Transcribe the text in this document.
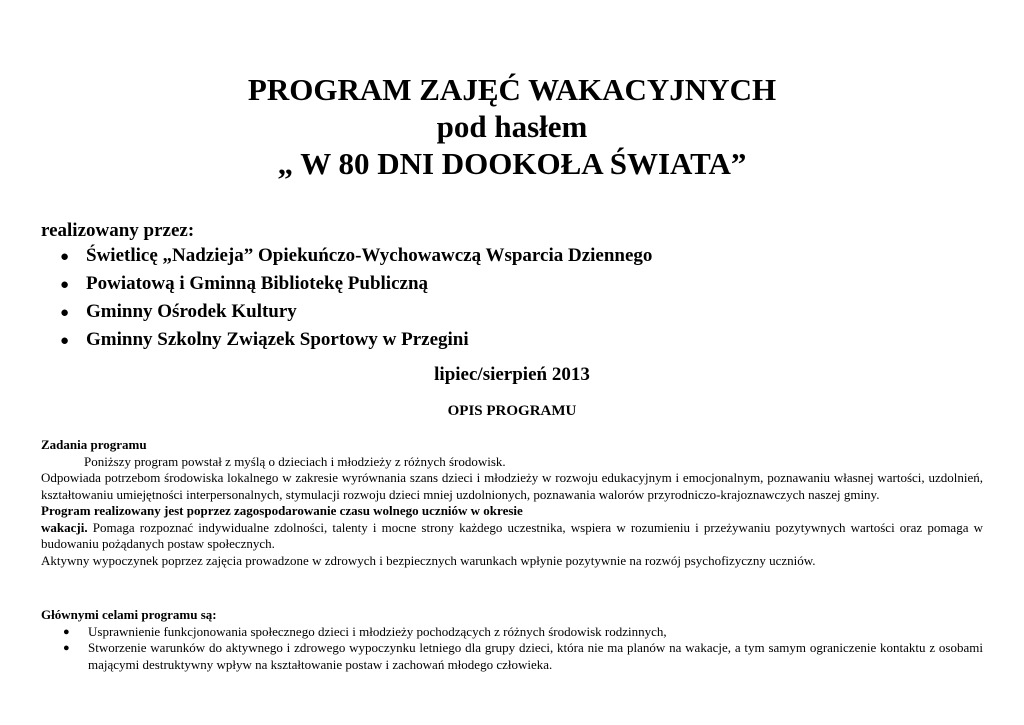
PROGRAM ZAJĘĆ WAKACYJNYCH
pod hasłem
„ W 80 DNI DOOKOŁA ŚWIATA”
realizowany przez:
● Świetlicę „Nadzieja” Opiekuńczo-Wychowawczą Wsparcia Dziennego
● Powiatową i Gminną Bibliotekę Publiczną
● Gminny Ośrodek Kultury
● Gminny Szkolny Związek Sportowy w Przegini
lipiec/sierpień 2013
OPIS PROGRAMU
Zadania programu
Poniższy program powstał z myślą o dzieciach i młodzieży z różnych środowisk.
Odpowiada potrzebom środowiska lokalnego w zakresie wyrównania szans dzieci i młodzieży w rozwoju edukacyjnym i emocjonalnym, poznawaniu własnej wartości, uzdolnień, kształtowaniu umiejętności interpersonalnych, stymulacji rozwoju dzieci mniej uzdolnionych, poznawania walorów przyrodniczo-krajoznawczych naszej gminy.
Program realizowany jest poprzez zagospodarowanie czasu wolnego uczniów w okresie
wakacji. Pomaga rozpoznać indywidualne zdolności, talenty i mocne strony każdego uczestnika, wspiera w rozumieniu i przeżywaniu pozytywnych wartości oraz pomaga w budowaniu pożądanych postaw społecznych.
Aktywny wypoczynek poprzez zajęcia prowadzone w zdrowych i bezpiecznych warunkach wpłynie pozytywnie na rozwój psychofizyczny uczniów.
Głównymi celami programu są:
● Usprawnienie funkcjonowania społecznego dzieci i młodzieży pochodzących z różnych środowisk rodzinnych,
● Stworzenie warunków do aktywnego i zdrowego wypoczynku letniego dla grupy dzieci, która nie ma planów na wakacje, a tym samym ograniczenie kontaktu z osobami mającymi destruktywny wpływ na kształtowanie postaw i zachowań młodego człowieka.
